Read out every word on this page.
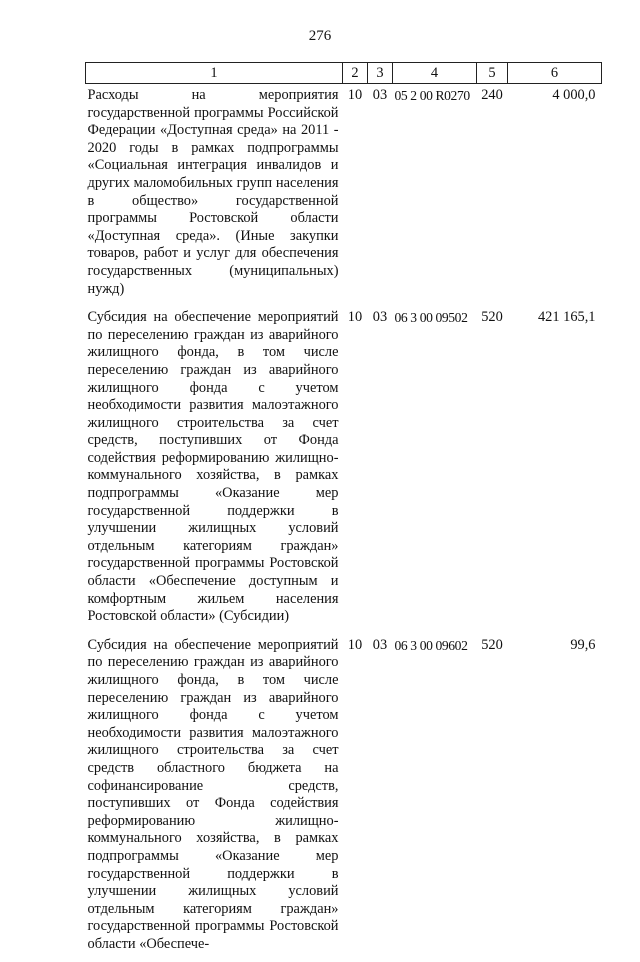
276
1	2	3	4	5	6
Расходы на мероприятия государственной программы Российской Федерации «Доступная среда» на 2011 - 2020 годы в рамках подпрограммы «Социальная интеграция инвалидов и других маломобильных групп населения в общество» государственной программы Ростовской области «Доступная среда». (Иные закупки товаров, работ и услуг для обеспечения государственных (муниципальных) нужд)	10	03	05 2 00 R0270	240	4 000,0
Субсидия на обеспечение мероприятий по переселению граждан из аварийного жилищного фонда, в том числе переселению граждан из аварийного жилищного фонда с учетом необходимости развития малоэтажного жилищного строительства за счет средств, поступивших от Фонда содействия реформированию жилищно-коммунального хозяйства, в рамках подпрограммы «Оказание мер государственной поддержки в улучшении жилищных условий отдельным категориям граждан» государственной программы Ростовской области «Обеспечение доступным и комфортным жильем населения Ростовской области» (Субсидии)	10	03	06 3 00 09502	520	421 165,1
Субсидия на обеспечение мероприятий по переселению граждан из аварийного жилищного фонда, в том числе переселению граждан из аварийного жилищного фонда с учетом необходимости развития малоэтажного жилищного строительства за счет средств областного бюджета на софинансирование средств, поступивших от Фонда содействия реформированию жилищно-коммунального хозяйства, в рамках подпрограммы «Оказание мер государственной поддержки в улучшении жилищных условий отдельным категориям граждан» государственной программы Ростовской области «Обеспече-	10	03	06 3 00 09602	520	99,6
